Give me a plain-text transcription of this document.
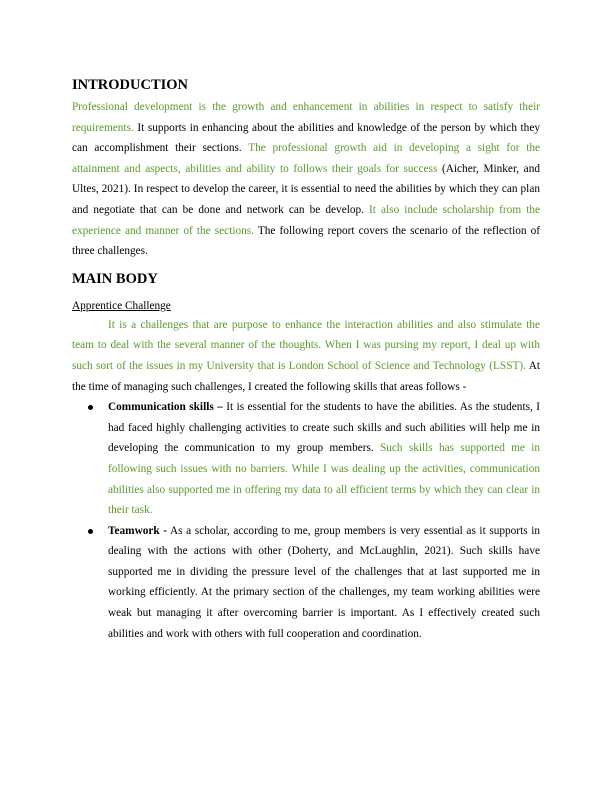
INTRODUCTION

Professional development is the growth and enhancement in abilities in respect to satisfy their requirements. It supports in enhancing about the abilities and knowledge of the person by which they can accomplishment their sections. The professional growth aid in developing a sight for the attainment and aspects, abilities and ability to follows their goals for success (Aicher, Minker, and Ultes, 2021). In respect to develop the career, it is essential to need the abilities by which they can plan and negotiate that can be done and network can be develop. It also include scholarship from the experience and manner of the sections. The following report covers the scenario of the reflection of three challenges.

MAIN BODY

Apprentice Challenge

It is a challenges that are purpose to enhance the interaction abilities and also stimulate the team to deal with the several manner of the thoughts. When I was pursing my report, I deal up with such sort of the issues in my University that is London School of Science and Technology (LSST). At the time of managing such challenges, I created the following skills that areas follows -

Communication skills – It is essential for the students to have the abilities. As the students, I had faced highly challenging activities to create such skills and such abilities will help me in developing the communication to my group members. Such skills has supported me in following such issues with no barriers. While I was dealing up the activities, communication abilities also supported me in offering my data to all efficient terms by which they can clear in their task.
Teamwork - As a scholar, according to me, group members is very essential as it supports in dealing with the actions with other (Doherty, and McLaughlin, 2021). Such skills have supported me in dividing the pressure level of the challenges that at last supported me in working efficiently. At the primary section of the challenges, my team working abilities were weak but managing it after overcoming barrier is important. As I effectively created such abilities and work with others with full cooperation and coordination.
